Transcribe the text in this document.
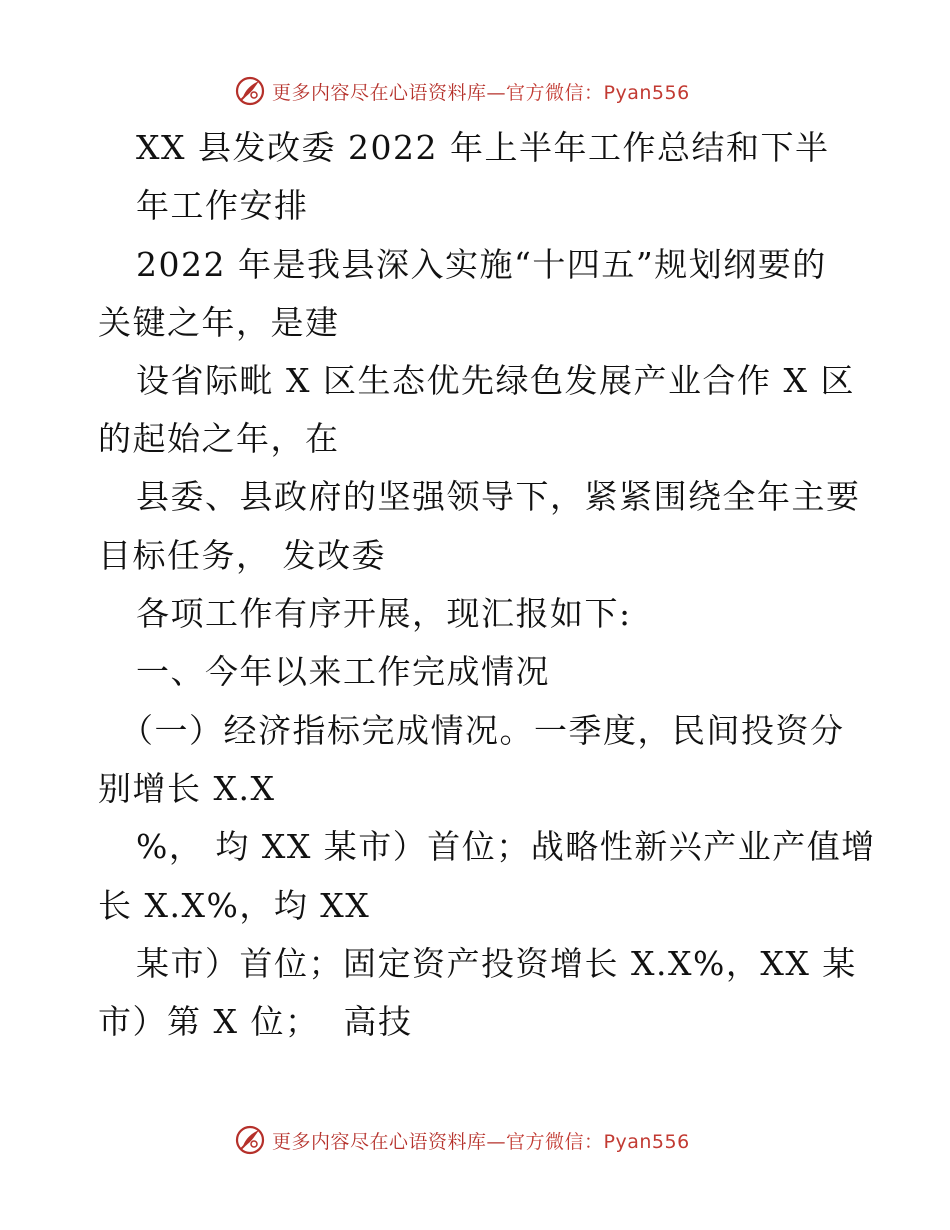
更多内容尽在心语资料库—官方微信：Pyan556
XX 县发改委 2022 年上半年工作总结和下半
年工作安排
2022 年是我县深入实施“十四五”规划纲要的
关键之年，是建
设省际毗 X 区生态优先绿色发展产业合作 X 区
的起始之年，在
县委、县政府的坚强领导下，紧紧围绕全年主要
目标任务， 发改委
各项工作有序开展，现汇报如下:
一、今年以来工作完成情况
（一）经济指标完成情况。一季度，民间投资分
别增长 X.X
%， 均 XX 某市）首位；战略性新兴产业产值增
长 X.X%，均 XX
某市）首位；固定资产投资增长 X.X%，XX 某
市）第 X 位；  高技
更多内容尽在心语资料库—官方微信：Pyan556
